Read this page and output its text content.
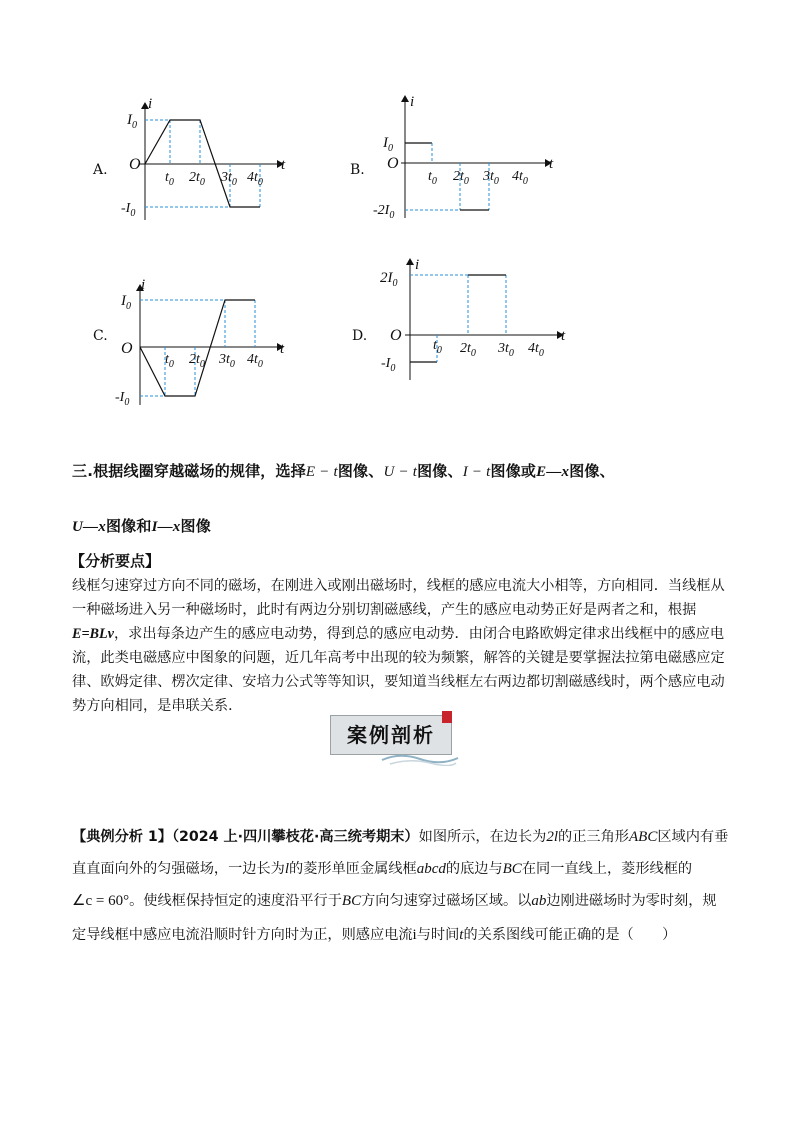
$I_0$
i
O	t
$-I_0$
$t_0$ $2t_0$ $3t_0$ $4t_0$
A.
$I_0$
i
O	t
$-2I_0$
$t_0$ $2t_0$ $3t_0$ $4t_0$
B.
$I_0$
O	t
$-I_0$
$t_0$ $2t_0$ $3t_0$ $4t_0$
i
C.
$2I_0$
i
O	t
$-I_0$
$t_0$ $2t_0$ $3t_0$ $4t_0$
D.
三.根据线圈穿越磁场的规律，选择E − t图像、U − t图像、I − t图像或E—x图像、
U—x图像和I—x图像
【分析要点】
线框匀速穿过方向不同的磁场，在刚进入或刚出磁场时，线框的感应电流大小相等，方向相同．当线框从一种磁场进入另一种磁场时，此时有两边分别切割磁感线，产生的感应电动势正好是两者之和，根据E=BLv，求出每条边产生的感应电动势，得到总的感应电动势．由闭合电路欧姆定律求出线框中的感应电流，此类电磁感应中图象的问题，近几年高考中出现的较为频繁，解答的关键是要掌握法拉第电磁感应定律、欧姆定律、楞次定律、安培力公式等等知识，要知道当线框左右两边都切割磁感线时，两个感应电动势方向相同，是串联关系．
案例剖析
【典例分析 1】（2024 上·四川攀枝花·高三统考期末）如图所示，在边长为2l的正三角形ABC区域内有垂
直直面向外的匀强磁场，一边长为l的菱形单匝金属线框abcd的底边与BC在同一直线上，菱形线框的
∠c = 60°。使线框保持恒定的速度沿平行于BC方向匀速穿过磁场区域。以ab边刚进磁场时为零时刻，规
定导线框中感应电流沿顺时针方向时为正，则感应电流i与时间t的关系图线可能正确的是（　　）
